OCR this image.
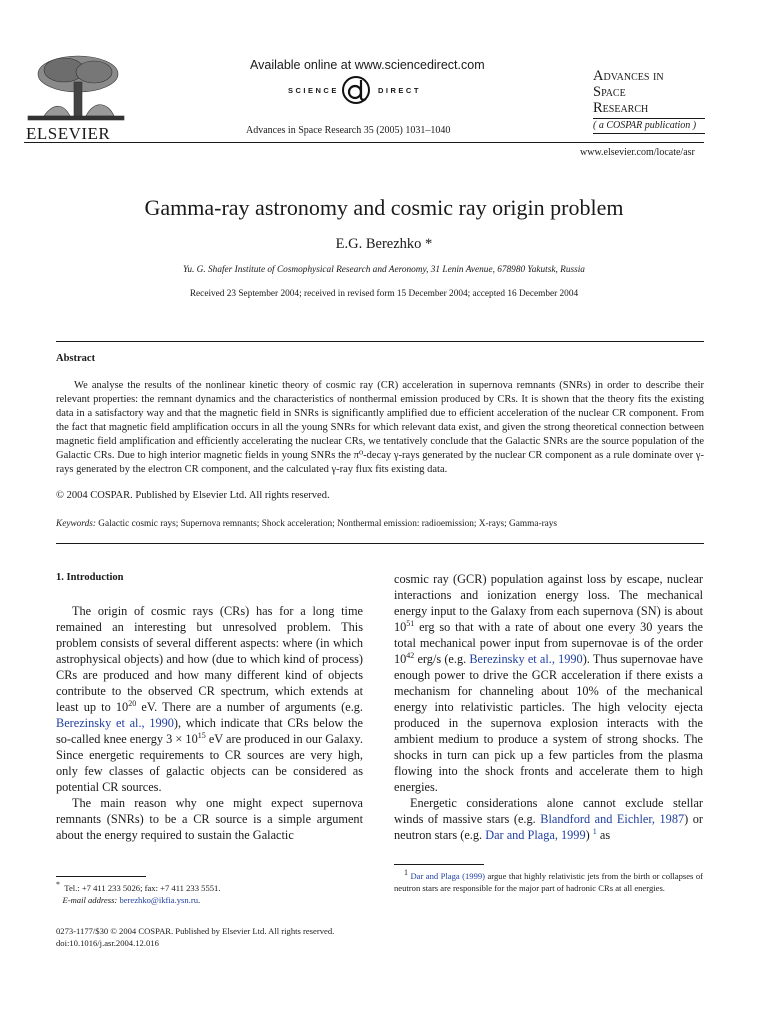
ELSEVIER
Available online at www.sciencedirect.com
SCIENCE	DIRECT
Advances in Space Research 35 (2005) 1031–1040
Advances in
Space
Research
( a COSPAR publication )
www.elsevier.com/locate/asr
Gamma-ray astronomy and cosmic ray origin problem
E.G. Berezhko *
Yu. G. Shafer Institute of Cosmophysical Research and Aeronomy, 31 Lenin Avenue, 678980 Yakutsk, Russia
Received 23 September 2004; received in revised form 15 December 2004; accepted 16 December 2004
Abstract

We analyse the results of the nonlinear kinetic theory of cosmic ray (CR) acceleration in supernova remnants (SNRs) in order to describe their relevant properties: the remnant dynamics and the characteristics of nonthermal emission produced by CRs. It is shown that the theory fits the existing data in a satisfactory way and that the magnetic field in SNRs is significantly amplified due to efficient acceleration of the nuclear CR component. From the fact that magnetic field amplification occurs in all the young SNRs for which relevant data exist, and given the strong theoretical connection between magnetic field amplification and efficiently accelerating the nuclear CRs, we tentatively conclude that the Galactic SNRs are the source population of the Galactic CRs. Due to high interior magnetic fields in young SNRs the π⁰-decay γ-rays generated by the nuclear CR component as a rule dominate over γ-rays generated by the electron CR component, and the calculated γ-ray flux fits existing data.

© 2004 COSPAR. Published by Elsevier Ltd. All rights reserved.
Keywords: Galactic cosmic rays; Supernova remnants; Shock acceleration; Nonthermal emission: radioemission; X-rays; Gamma-rays
1. Introduction

The origin of cosmic rays (CRs) has for a long time remained an interesting but unresolved problem. This problem consists of several different aspects: where (in which astrophysical objects) and how (due to which kind of process) CRs are produced and how many different kind of objects contribute to the observed CR spectrum, which extends at least up to $10^{20}$ eV. There are a number of arguments (e.g. Berezinsky et al., 1990), which indicate that CRs below the so-called knee energy $3 \times 10^{15}$ eV are produced in our Galaxy. Since energetic requirements to CR sources are very high, only few classes of galactic objects can be considered as potential CR sources.

The main reason why one might expect supernova remnants (SNRs) to be a CR source is a simple argument about the energy required to sustain the Galactic

cosmic ray (GCR) population against loss by escape, nuclear interactions and ionization energy loss. The mechanical energy input to the Galaxy from each supernova (SN) is about $10^{51}$ erg so that with a rate of about one every 30 years the total mechanical power input from supernovae is of the order $10^{42}$ erg/s (e.g. Berezinsky et al., 1990). Thus supernovae have enough power to drive the GCR acceleration if there exists a mechanism for channeling about 10% of the mechanical energy into relativistic particles. The high velocity ejecta produced in the supernova explosion interacts with the ambient medium to produce a system of strong shocks. The shocks in turn can pick up a few particles from the plasma flowing into the shock fronts and accelerate them to high energies.

Energetic considerations alone cannot exclude stellar winds of massive stars (e.g. Blandford and Eichler, 1987) or neutron stars (e.g. Dar and Plaga, 1999) $^1$ as

* Tel.: +7 411 233 5026; fax: +7 411 233 5551.
E-mail address: berezhko@ikfia.ysn.ru.
$^1$ Dar and Plaga (1999) argue that highly relativistic jets from the birth or collapses of neutron stars are responsible for the major part of hadronic CRs at all energies.
0273-1177/$30 © 2004 COSPAR. Published by Elsevier Ltd. All rights reserved.
doi:10.1016/j.asr.2004.12.016
